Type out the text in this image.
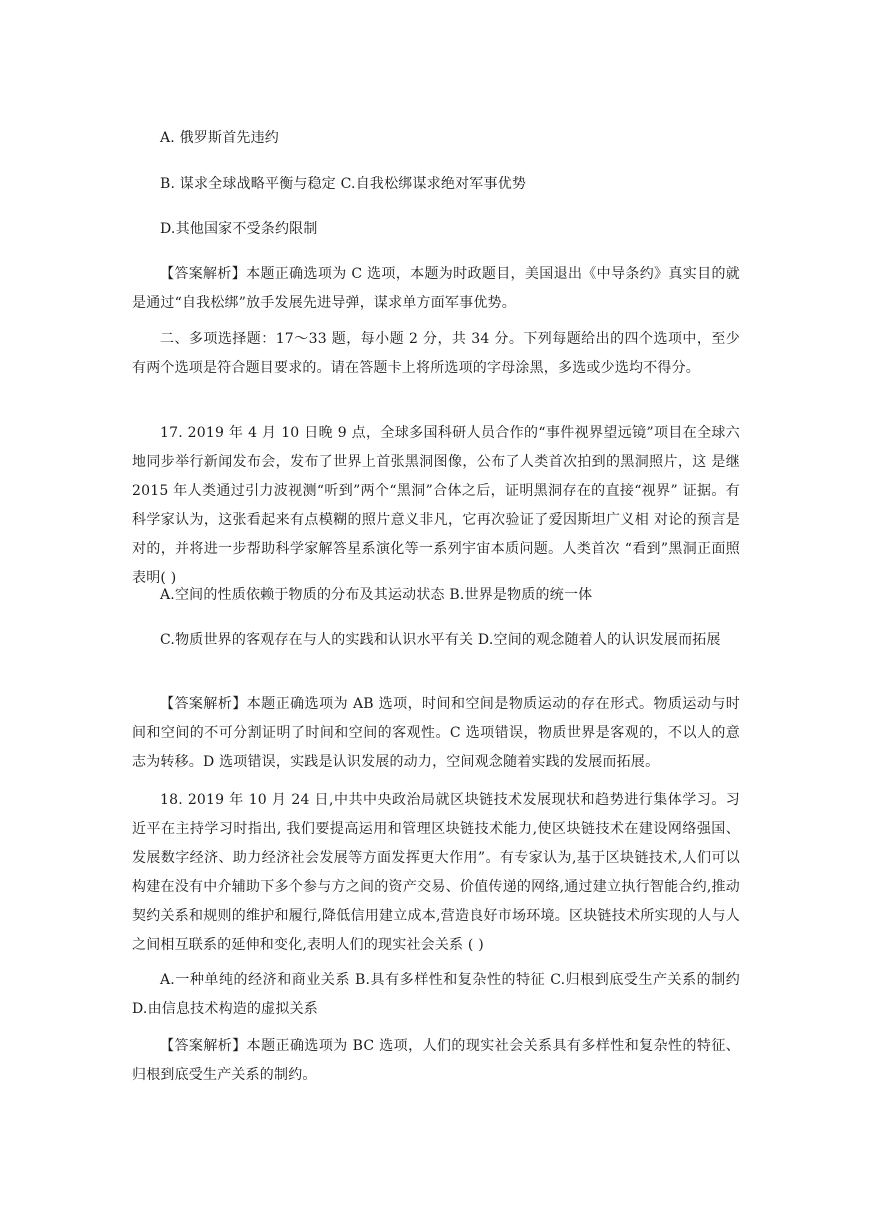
A. 俄罗斯首先违约
B. 谋求全球战略平衡与稳定 C.自我松绑谋求绝对军事优势
D.其他国家不受条约限制
【答案解析】本题正确选项为 C 选项，本题为时政题目，美国退出《中导条约》真实目的就是通过“自我松绑”放手发展先进导弹，谋求单方面军事优势。
二、多项选择题：17～33 题，每小题 2 分，共 34 分。下列每题给出的四个选项中，至少有两个选项是符合题目要求的。请在答题卡上将所选项的字母涂黑，多选或少选均不得分。
17. 2019 年 4 月 10 日晚 9 点，全球多国科研人员合作的“事件视界望远镜”项目在全球六地同步举行新闻发布会，发布了世界上首张黑洞图像，公布了人类首次拍到的黑洞照片，这 是继 2015 年人类通过引力波视测“听到”两个“黑洞”合体之后，证明黑洞存在的直接“视界” 证据。有科学家认为，这张看起来有点模糊的照片意义非凡，它再次验证了爱因斯坦广义相 对论的预言是对的，并将进一步帮助科学家解答星系演化等一系列宇宙本质问题。人类首次 “看到”黑洞正面照表明( )
A.空间的性质依赖于物质的分布及其运动状态 B.世界是物质的统一体
C.物质世界的客观存在与人的实践和认识水平有关 D.空间的观念随着人的认识发展而拓展
【答案解析】本题正确选项为 AB 选项，时间和空间是物质运动的存在形式。物质运动与时间和空间的不可分割证明了时间和空间的客观性。C 选项错误，物质世界是客观的，不以人的意志为转移。D 选项错误，实践是认识发展的动力，空间观念随着实践的发展而拓展。
18. 2019 年 10 月 24 日,中共中央政治局就区块链技术发展现状和趋势进行集体学习。习近平在主持学习时指出, 我们要提高运用和管理区块链技术能力,使区块链技术在建设网络强国、发展数字经济、助力经济社会发展等方面发挥更大作用”。有专家认为,基于区块链技术,人们可以构建在没有中介辅助下多个参与方之间的资产交易、价值传递的网络,通过建立执行智能合约,推动契约关系和规则的维护和履行,降低信用建立成本,营造良好市场环境。区块链技术所实现的人与人之间相互联系的延伸和变化,表明人们的现实社会关系 ( )
A.一种单纯的经济和商业关系 B.具有多样性和复杂性的特征 C.归根到底受生产关系的制约 D.由信息技术构造的虚拟关系
【答案解析】本题正确选项为 BC 选项，人们的现实社会关系具有多样性和复杂性的特征、归根到底受生产关系的制约。
